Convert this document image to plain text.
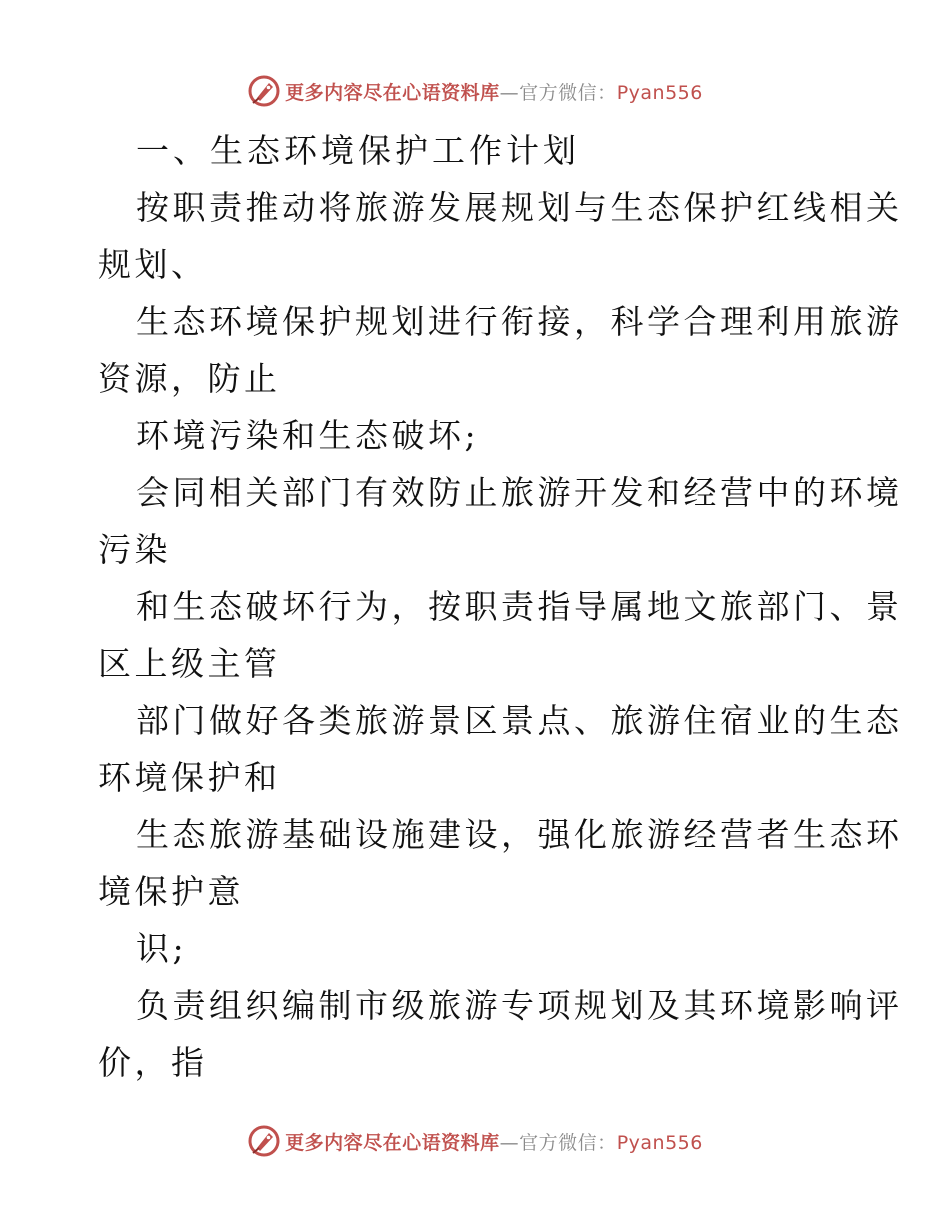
更多内容尽在心语资料库—官方微信：Pyan556
一、生态环境保护工作计划
按职责推动将旅游发展规划与生态保护红线相关
规划、
生态环境保护规划进行衔接，科学合理利用旅游
资源，防止
环境污染和生态破坏;
会同相关部门有效防止旅游开发和经营中的环境
污染
和生态破坏行为，按职责指导属地文旅部门、景
区上级主管
部门做好各类旅游景区景点、旅游住宿业的生态
环境保护和
生态旅游基础设施建设，强化旅游经营者生态环
境保护意
识;
负责组织编制市级旅游专项规划及其环境影响评
价，指
更多内容尽在心语资料库—官方微信：Pyan556
